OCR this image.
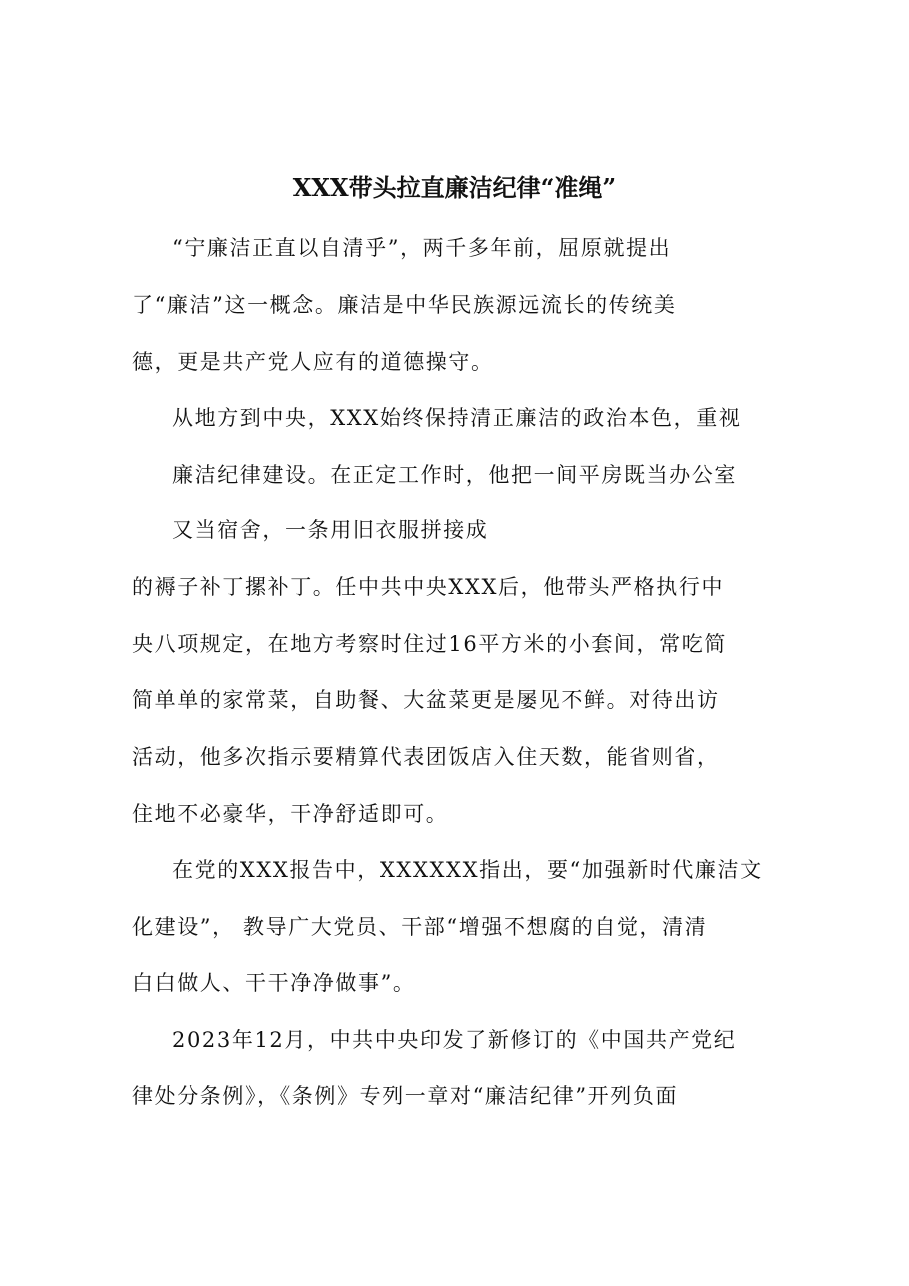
XXX带头拉直廉洁纪律“准绳”
“宁廉洁正直以自清乎”，两千多年前，屈原就提出
了“廉洁”这一概念。廉洁是中华民族源远流长的传统美
德，更是共产党人应有的道德操守。
从地方到中央，XXX始终保持清正廉洁的政治本色，重视
廉洁纪律建设。在正定工作时，他把一间平房既当办公室
又当宿舍，一条用旧衣服拼接成
的褥子补丁摞补丁。任中共中央XXX后，他带头严格执行中
央八项规定，在地方考察时住过16平方米的小套间，常吃简
简单单的家常菜，自助餐、大盆菜更是屡见不鲜。对待出访
活动，他多次指示要精算代表团饭店入住天数，能省则省，
住地不必豪华，干净舒适即可。
在党的XXX报告中，XXXXXX指出，要“加强新时代廉洁文
化建设”， 教导广大党员、干部“增强不想腐的自觉，清清
白白做人、干干净净做事”。
2023年12月，中共中央印发了新修订的《中国共产党纪
律处分条例》，《条例》专列一章对“廉洁纪律”开列负面
